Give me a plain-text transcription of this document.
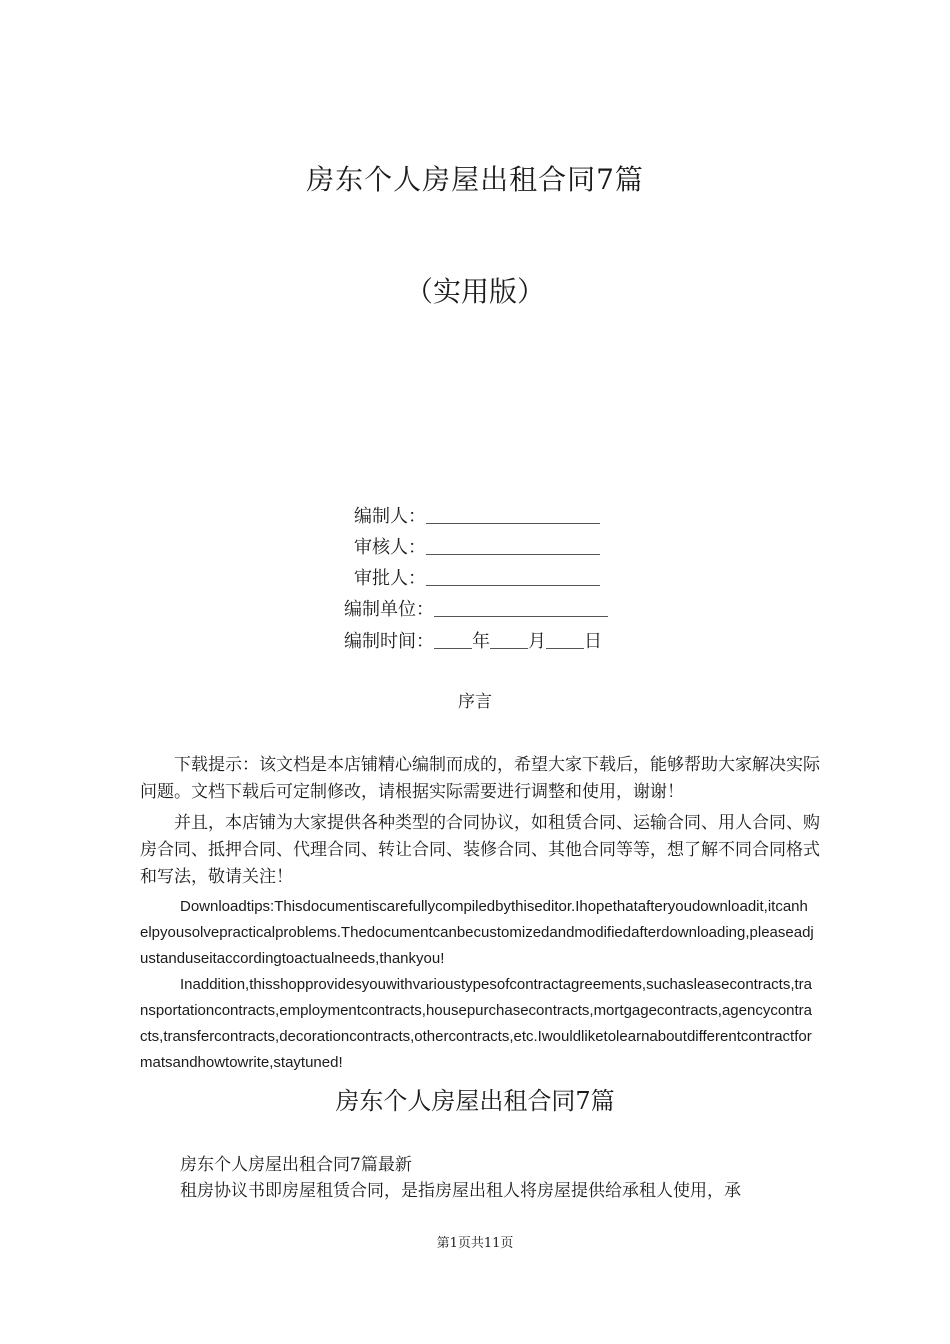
房东个人房屋出租合同7篇
（实用版）
编制人：
审核人：
审批人：
编制单位：
编制时间： 年 月 日
序言
下载提示：该文档是本店铺精心编制而成的，希望大家下载后，能够帮助大家解决实际问题。文档下载后可定制修改，请根据实际需要进行调整和使用，谢谢！
并且，本店铺为大家提供各种类型的合同协议，如租赁合同、运输合同、用人合同、购房合同、抵押合同、代理合同、转让合同、装修合同、其他合同等等，想了解不同合同格式和写法，敬请关注！
Downloadtips:Thisdocumentiscarefullycompiledbythiseditor.Ihopethatafteryoudownloadit,itcanhelpyousolvepracticalproblems.Thedocumentcanbecustomizedandmodifiedafterdownloading,pleaseadjustanduseitaccordingtoactualneeds,thankyou!
Inaddition,thisshopprovidesyouwithvarioustypesofcontractagreements,suchasleasecontracts,transportationcontracts,employmentcontracts,housepurchasecontracts,mortgagecontracts,agencycontracts,transfercontracts,decorationcontracts,othercontracts,etc.Iwouldliketolearnaboutdifferentcontractformatsandhowtowrite,staytuned!
房东个人房屋出租合同7篇
房东个人房屋出租合同7篇最新
租房协议书即房屋租赁合同，是指房屋出租人将房屋提供给承租人使用，承
第1页共11页
